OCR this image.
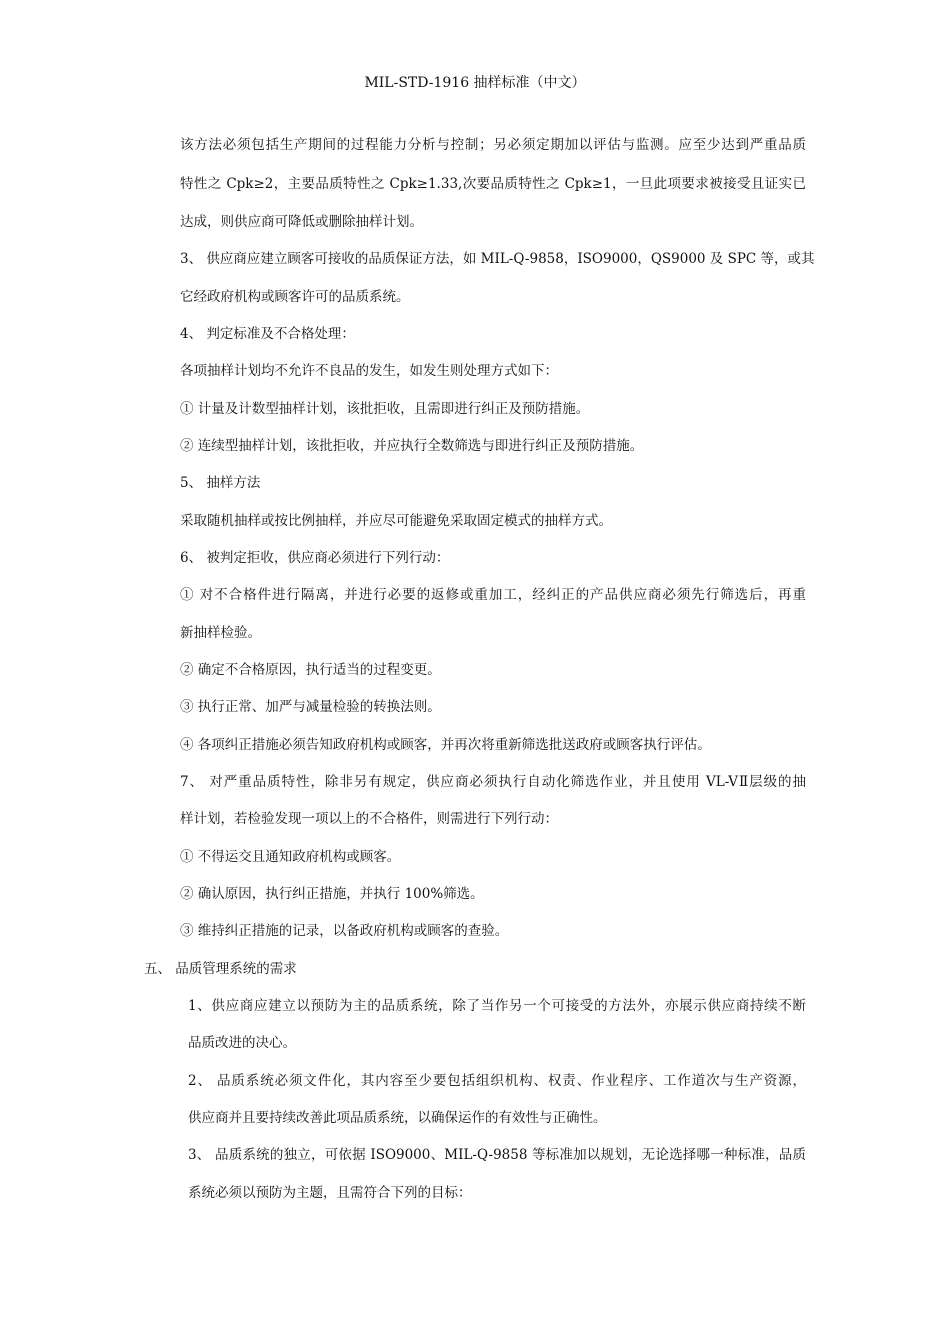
MIL-STD-1916 抽样标准（中文）
该方法必须包括生产期间的过程能力分析与控制；另必须定期加以评估与监测。应至少达到严重品质
特性之 Cpk≥2，主要品质特性之 Cpk≥1.33,次要品质特性之 Cpk≥1，一旦此项要求被接受且证实已
达成，则供应商可降低或删除抽样计划。
3、 供应商应建立顾客可接收的品质保证方法，如 MIL-Q-9858，ISO9000，QS9000 及 SPC 等，或其
它经政府机构或顾客许可的品质系统。
4、 判定标准及不合格处理：
各项抽样计划均不允许不良品的发生，如发生则处理方式如下：
① 计量及计数型抽样计划，该批拒收，且需即进行纠正及预防措施。
② 连续型抽样计划，该批拒收，并应执行全数筛选与即进行纠正及预防措施。
5、 抽样方法
采取随机抽样或按比例抽样，并应尽可能避免采取固定模式的抽样方式。
6、 被判定拒收，供应商必须进行下列行动：
① 对不合格件进行隔离，并进行必要的返修或重加工，经纠正的产品供应商必须先行筛选后，再重
新抽样检验。
② 确定不合格原因，执行适当的过程变更。
③ 执行正常、加严与减量检验的转换法则。
④ 各项纠正措施必须告知政府机构或顾客，并再次将重新筛选批送政府或顾客执行评估。
7、 对严重品质特性，除非另有规定，供应商必须执行自动化筛选作业，并且使用 VL-VⅡ层级的抽
样计划，若检验发现一项以上的不合格件，则需进行下列行动：
① 不得运交且通知政府机构或顾客。
② 确认原因，执行纠正措施，并执行 100%筛选。
③ 维持纠正措施的记录，以备政府机构或顾客的查验。
五、 品质管理系统的需求
1、供应商应建立以预防为主的品质系统，除了当作另一个可接受的方法外，亦展示供应商持续不断
品质改进的决心。
2、 品质系统必须文件化，其内容至少要包括组织机构、权责、作业程序、工作道次与生产资源，
供应商并且要持续改善此项品质系统，以确保运作的有效性与正确性。
3、 品质系统的独立，可依据 ISO9000、MIL-Q-9858 等标准加以规划，无论选择哪一种标准，品质
系统必须以预防为主题，且需符合下列的目标：
